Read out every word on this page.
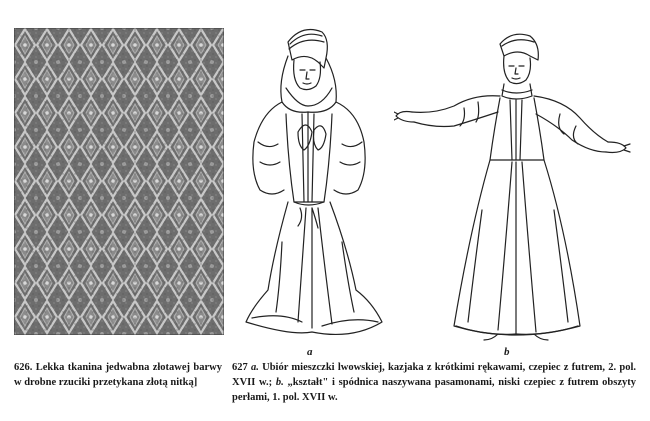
a	b
626. Lekka tkanina jedwabna złotawej barwy w drobne rzuciki przetykana złotą nitką]
627 a. Ubiór mieszczki lwowskiej, kazjaka z krótkimi rękawami, czepiec z futrem, 2. pol. XVII w.; b. „kształt" i spódnica naszywana pasamonami, niski czepiec z futrem obszyty perłami, 1. pol. XVII w.
